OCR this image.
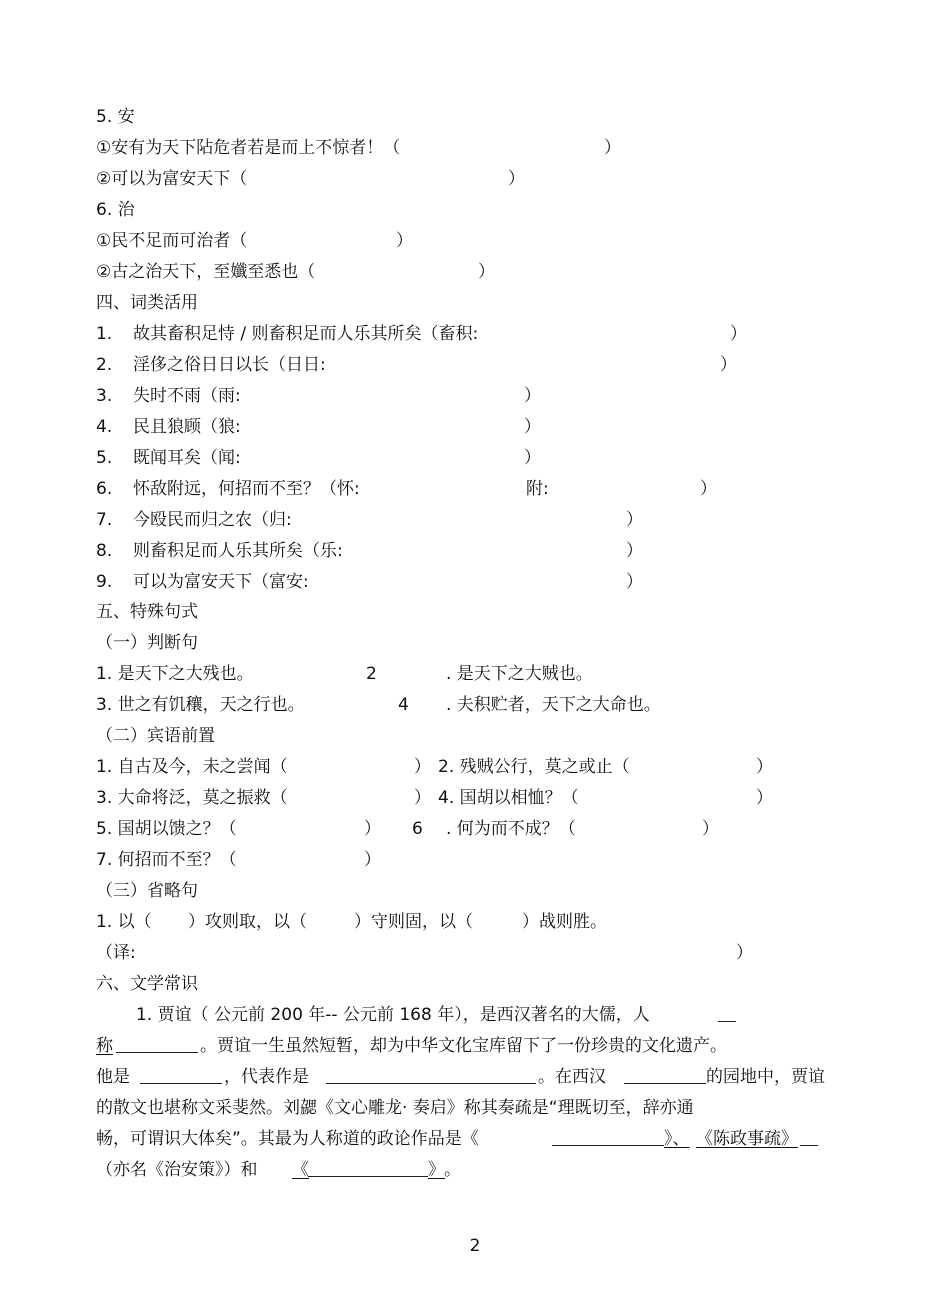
5. 安
①安有为天下阽危者若是而上不惊者！（	）
②可以为富安天下（	）
6. 治
①民不足而可治者（	）
②古之治天下，至孅至悉也（	）
四、词类活用
1. 故其畜积足恃 / 则畜积足而人乐其所矣（畜积:	）
2. 淫侈之俗日日以长（日日:	）
3. 失时不雨（雨:	）
4. 民且狼顾（狼:	）
5. 既闻耳矣（闻:	）
6. 怀敌附远，何招而不至？（怀:	附:	）
7. 今殴民而归之农（归:	）
8. 则畜积足而人乐其所矣（乐:	）
9. 可以为富安天下（富安:	）
五、特殊句式
（一）判断句
1. 是天下之大残也。	2	. 是天下之大贼也。
3. 世之有饥穰，天之行也。	4 . 夫积贮者，天下之大命也。
（二）宾语前置
1. 自古及今，未之尝闻（	） 2. 残贼公行，莫之或止（	）
3. 大命将泛，莫之振救（	） 4. 国胡以相恤？（	）
5. 国胡以馈之？（	） 6 . 何为而不成？（	）
7. 何招而不至？（	）
（三）省略句
1. 以（ ）攻则取，以（	）守则固，以（	）战则胜。
（译:	）
六、文学常识
1. 贾谊（ 公元前 200 年-- 公元前 168 年），是西汉著名的大儒，人
称	。贾谊一生虽然短暂，却为中华文化宝库留下了一份珍贵的文化遗产。
他是	，代表作是	。在西汉	的园地中，贾谊
的散文也堪称文采斐然。刘勰《文心雕龙· 奏启》称其奏疏是“理既切至，辞亦通
畅，可谓识大体矣”。其最为人称道的政论作品是《	》、 《陈政事疏》
（亦名《治安策》）和 《	》 。
2
